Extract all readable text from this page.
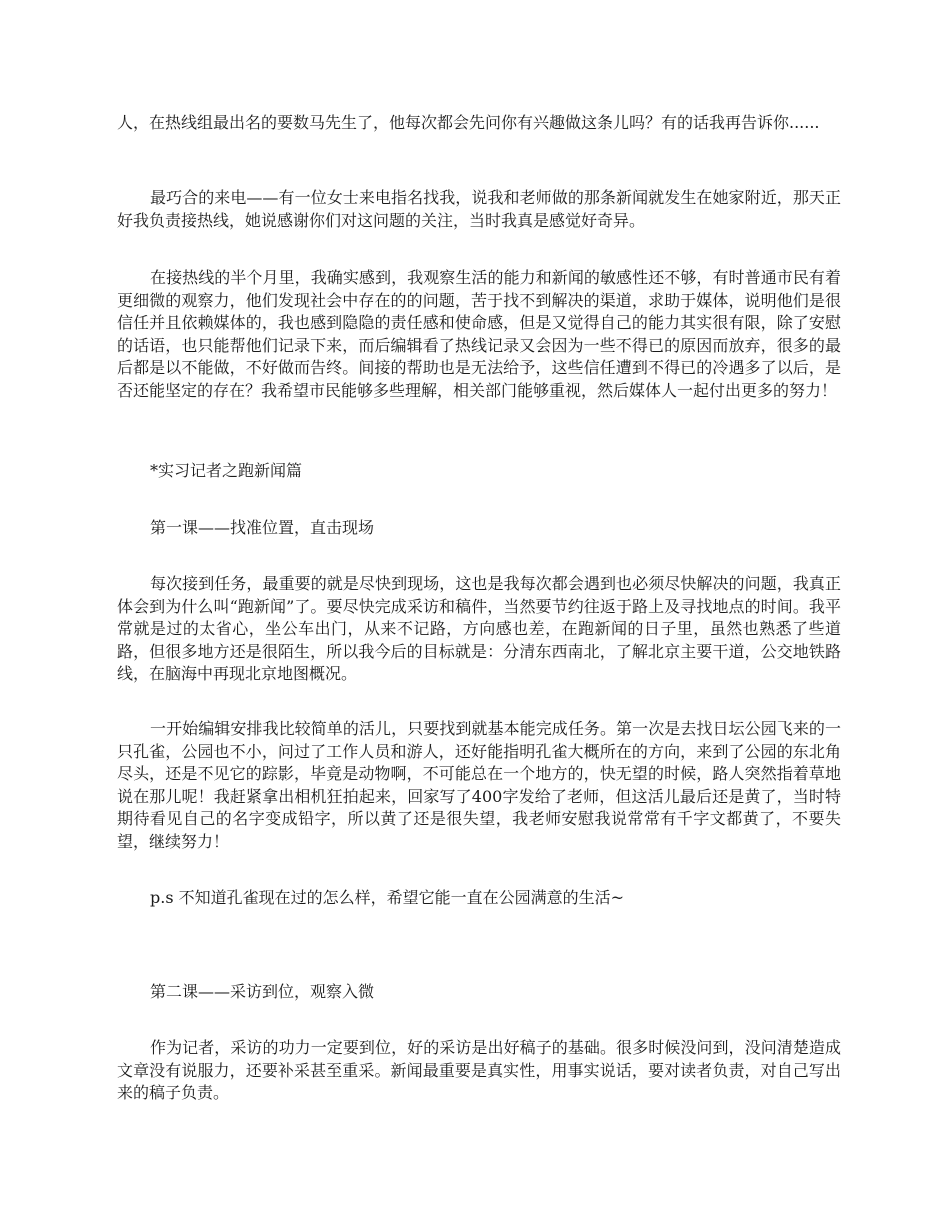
人，在热线组最出名的要数马先生了，他每次都会先问你有兴趣做这条儿吗？有的话我再告诉你......

最巧合的来电——有一位女士来电指名找我，说我和老师做的那条新闻就发生在她家附近，那天正好我负责接热线，她说感谢你们对这问题的关注，当时我真是感觉好奇异。

在接热线的半个月里，我确实感到，我观察生活的能力和新闻的敏感性还不够，有时普通市民有着更细微的观察力，他们发现社会中存在的的问题，苦于找不到解决的渠道，求助于媒体，说明他们是很信任并且依赖媒体的，我也感到隐隐的责任感和使命感，但是又觉得自己的能力其实很有限，除了安慰的话语，也只能帮他们记录下来，而后编辑看了热线记录又会因为一些不得已的原因而放弃，很多的最后都是以不能做，不好做而告终。间接的帮助也是无法给予，这些信任遭到不得已的冷遇多了以后，是否还能坚定的存在？我希望市民能够多些理解，相关部门能够重视，然后媒体人一起付出更多的努力！

*实习记者之跑新闻篇

第一课——找准位置，直击现场

每次接到任务，最重要的就是尽快到现场，这也是我每次都会遇到也必须尽快解决的问题，我真正体会到为什么叫“跑新闻”了。要尽快完成采访和稿件，当然要节约往返于路上及寻找地点的时间。我平常就是过的太省心，坐公车出门，从来不记路，方向感也差，在跑新闻的日子里，虽然也熟悉了些道路，但很多地方还是很陌生，所以我今后的目标就是：分清东西南北，了解北京主要干道，公交地铁路线，在脑海中再现北京地图概况。

一开始编辑安排我比较简单的活儿，只要找到就基本能完成任务。第一次是去找日坛公园飞来的一只孔雀，公园也不小，问过了工作人员和游人，还好能指明孔雀大概所在的方向，来到了公园的东北角尽头，还是不见它的踪影，毕竟是动物啊，不可能总在一个地方的，快无望的时候，路人突然指着草地说在那儿呢！我赶紧拿出相机狂拍起来，回家写了400字发给了老师，但这活儿最后还是黄了，当时特期待看见自己的名字变成铅字，所以黄了还是很失望，我老师安慰我说常常有千字文都黄了，不要失望，继续努力！

p.s 不知道孔雀现在过的怎么样，希望它能一直在公园满意的生活~

第二课——采访到位，观察入微

作为记者，采访的功力一定要到位，好的采访是出好稿子的基础。很多时候没问到，没问清楚造成文章没有说服力，还要补采甚至重采。新闻最重要是真实性，用事实说话，要对读者负责，对自己写出来的稿子负责。
